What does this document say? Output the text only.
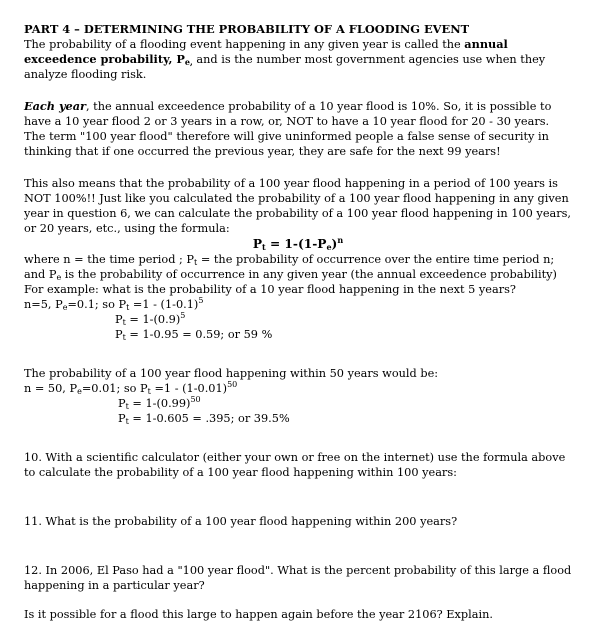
PART 4 – DETERMINING THE PROBABILITY OF A FLOODING EVENT

The probability of a flooding event happening in any given year is called the annual exceedence probability, $P_{e,}$ and is the number most government agencies use when they analyze flooding risk.

Each year, the annual exceedence probability of a 10 year flood is 10%. So, it is possible to have a 10 year flood 2 or 3 years in a row, or, NOT to have a 10 year flood for 20 - 30 years. The term "100 year flood" therefore will give uninformed people a false sense of security in thinking that if one occurred the previous year, they are safe for the next 99 years!

This also means that the probability of a 100 year flood happening in a period of 100 years is NOT 100%!! Just like you calculated the probability of a 100 year flood happening in any given year in question 6, we can calculate the probability of a 100 year flood happening in 100 years, or 20 years, etc., using the formula:

$P_t = 1-(1-P_e)^n$

where n = the time period ; $P_t$ = the probability of occurrence over the entire time period n; and $P_e$ is the probability of occurrence in any given year (the annual exceedence probability)

For example: what is the probability of a 10 year flood happening in the next 5 years?

n=5, $P_e=0.1$; so $P_t =1 - (1-0.1)^5$

$P_t = 1-(0.9)^5$

$P_t = 1-0.95 = 0.59$; or 59 %

The probability of a 100 year flood happening within 50 years would be:

n = 50, $P_e=0.01$; so $P_t =1 - (1-0.01)^{50}$

$P_t = 1-(0.99)^{50}$

$P_t = 1-0.605 = .395$; or 39.5%

10. With a scientific calculator (either your own or free on the internet) use the formula above to calculate the probability of a 100 year flood happening within 100 years:

11. What is the probability of a 100 year flood happening within 200 years?

12. In 2006, El Paso had a "100 year flood". What is the percent probability of this large a flood happening in a particular year?

Is it possible for a flood this large to happen again before the year 2106? Explain.
